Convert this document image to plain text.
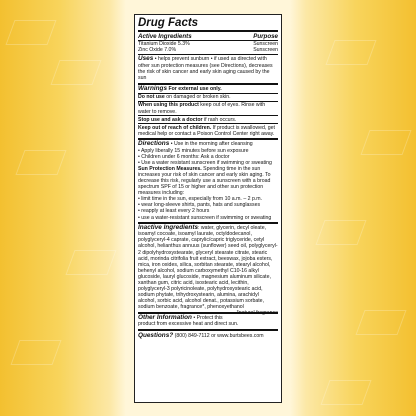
Drug Facts
Active Ingredients	Purpose
Titanium Dioxide 5.3%	Sunscreen
Zinc Oxide 7.0%	Sunscreen
Uses • helps prevent sunburn • if used as directed with other sun protection measures (see Directions), decreases the risk of skin cancer and early skin aging caused by the sun
Warnings For external use only.
Do not use on damaged or broken skin.
When using this product keep out of eyes. Rinse with water to remove.
Stop use and ask a doctor if rash occurs.
Keep out of reach of children. If product is swallowed, get medical help or contact a Poison Control Center right away.
Directions • Use in the morning after cleansing
• Apply liberally 15 minutes before sun exposure
• Children under 6 months: Ask a doctor
• Use a water resistant sunscreen if swimming or sweating
Sun Protection Measures. Spending time in the sun increases your risk of skin cancer and early skin aging. To decrease this risk, regularly use a sunscreen with a broad spectrum SPF of 15 or higher and other sun protection measures including:
• limit time in the sun, especially from 10 a.m. – 2 p.m.
• wear long-sleeve shirts, pants, hats and sunglasses
• reapply at least every 2 hours
• use a water-resistant sunscreen if swimming or sweating
Inactive Ingredients: water, glycerin, decyl oleate, isoamyl cocoate, isoamyl laurate, octyldodecanol, polyglyceryl-4 caprate, caprylic/capric triglyceride, cetyl alcohol, helianthus annuus (sunflower) seed oil, polyglyceryl-2 dipolyhydroxystearate, glyceryl stearate citrate, stearic acid, morinda citrifolia fruit extract, beeswax, jojoba esters, mica, iron oxides, silica, sorbitan stearate, stearyl alcohol, behenyl alcohol, sodium carboxymethyl C10-16 alkyl glucoside, lauryl glucoside, magnesium aluminum silicate, xanthan gum, citric acid, isostearic acid, lecithin, polyglyceryl-3 polyricinoleate, polyhydroxystearic acid, sodium phytate, trihydroxystearin, alumina, arachidyl alcohol, sorbic acid, alcohol denat., potassium sorbate, sodium benzoate, fragrance*, phenoxyethanol
*natural fragrance
Other Information • Protect this product from excessive heat and direct sun.
Questions? (800) 849-7112 or www.burtsbees.com
